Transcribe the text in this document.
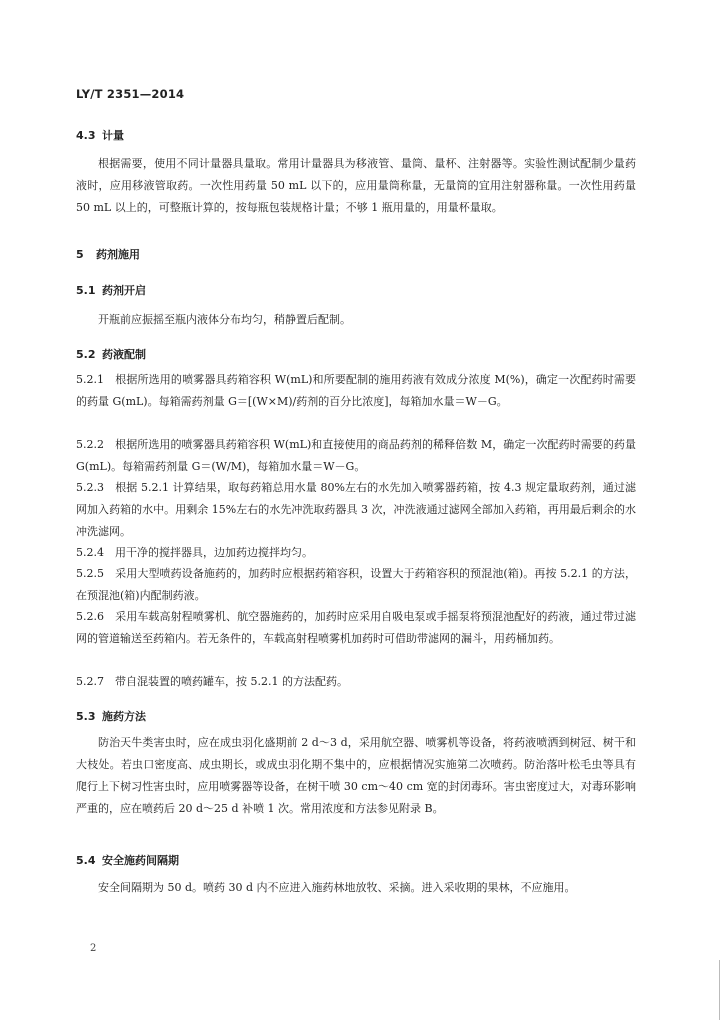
LY/T 2351—2014
4.3 计量
根据需要，使用不同计量器具量取。常用计量器具为移液管、量筒、量杯、注射器等。实验性测试配制少量药液时，应用移液管取药。一次性用药量 50 mL 以下的，应用量筒称量，无量筒的宜用注射器称量。一次性用药量 50 mL 以上的，可整瓶计算的，按每瓶包装规格计量；不够 1 瓶用量的，用量杯量取。
5 药剂施用
5.1 药剂开启
开瓶前应振摇至瓶内液体分布均匀，稍静置后配制。
5.2 药液配制
5.2.1　根据所选用的喷雾器具药箱容积 W(mL)和所要配制的施用药液有效成分浓度 M(%)，确定一次配药时需要的药量 G(mL)。每箱需药剂量 G＝[(W×M)/药剂的百分比浓度]，每箱加水量＝W－G。
5.2.2　根据所选用的喷雾器具药箱容积 W(mL)和直接使用的商品药剂的稀释倍数 M，确定一次配药时需要的药量 G(mL)。每箱需药剂量 G＝(W/M)，每箱加水量＝W－G。
5.2.3　根据 5.2.1 计算结果，取每药箱总用水量 80%左右的水先加入喷雾器药箱，按 4.3 规定量取药剂，通过滤网加入药箱的水中。用剩余 15%左右的水先冲洗取药器具 3 次，冲洗液通过滤网全部加入药箱，再用最后剩余的水冲洗滤网。
5.2.4　用干净的搅拌器具，边加药边搅拌均匀。
5.2.5　采用大型喷药设备施药的，加药时应根据药箱容积，设置大于药箱容积的预混池(箱)。再按 5.2.1 的方法，在预混池(箱)内配制药液。
5.2.6　采用车载高射程喷雾机、航空器施药的，加药时应采用自吸电泵或手摇泵将预混池配好的药液，通过带过滤网的管道输送至药箱内。若无条件的，车载高射程喷雾机加药时可借助带滤网的漏斗，用药桶加药。
5.2.7　带自混装置的喷药罐车，按 5.2.1 的方法配药。
5.3 施药方法
防治天牛类害虫时，应在成虫羽化盛期前 2 d～3 d，采用航空器、喷雾机等设备，将药液喷洒到树冠、树干和大枝处。若虫口密度高、成虫期长，或成虫羽化期不集中的，应根据情况实施第二次喷药。防治落叶松毛虫等具有爬行上下树习性害虫时，应用喷雾器等设备，在树干喷 30 cm～40 cm 宽的封闭毒环。害虫密度过大，对毒环影响严重的，应在喷药后 20 d～25 d 补喷 1 次。常用浓度和方法参见附录 B。
5.4 安全施药间隔期
安全间隔期为 50 d。喷药 30 d 内不应进入施药林地放牧、采摘。进入采收期的果林，不应施用。
2
